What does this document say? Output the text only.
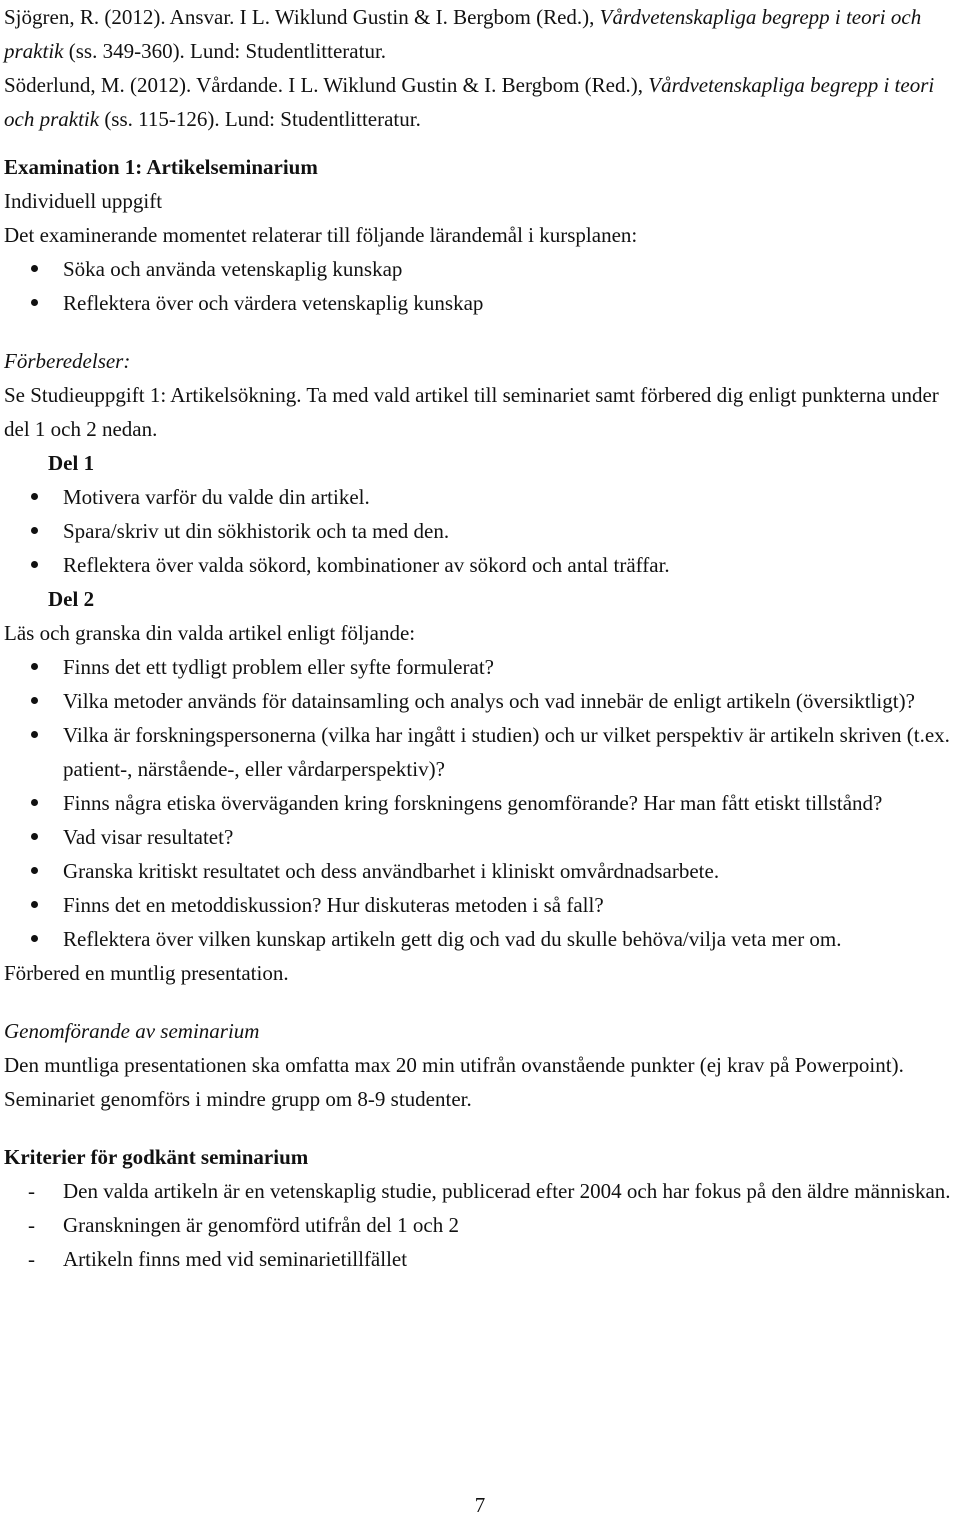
Sjögren, R. (2012). Ansvar. I L. Wiklund Gustin & I. Bergbom (Red.), Vårdvetenskapliga begrepp i teori och praktik (ss. 349-360). Lund: Studentlitteratur.

Söderlund, M. (2012). Vårdande. I L. Wiklund Gustin & I. Bergbom (Red.), Vårdvetenskapliga begrepp i teori och praktik (ss. 115-126). Lund: Studentlitteratur.

Examination 1: Artikelseminarium

Individuell uppgift

Det examinerande momentet relaterar till följande lärandemål i kursplanen:

Söka och använda vetenskaplig kunskap
Reflektera över och värdera vetenskaplig kunskap

Förberedelser:

Se Studieuppgift 1: Artikelsökning. Ta med vald artikel till seminariet samt förbered dig enligt punkterna under del 1 och 2 nedan.

Del 1

Motivera varför du valde din artikel.
Spara/skriv ut din sökhistorik och ta med den.
Reflektera över valda sökord, kombinationer av sökord och antal träffar.

Del 2

Läs och granska din valda artikel enligt följande:

Finns det ett tydligt problem eller syfte formulerat?
Vilka metoder används för datainsamling och analys och vad innebär de enligt artikeln (översiktligt)?
Vilka är forskningspersonerna (vilka har ingått i studien) och ur vilket perspektiv är artikeln skriven (t.ex. patient-, närstående-, eller vårdarperspektiv)?
Finns några etiska överväganden kring forskningens genomförande? Har man fått etiskt tillstånd?
Vad visar resultatet?
Granska kritiskt resultatet och dess användbarhet i kliniskt omvårdnadsarbete.
Finns det en metoddiskussion? Hur diskuteras metoden i så fall?
Reflektera över vilken kunskap artikeln gett dig och vad du skulle behöva/vilja veta mer om.

Förbered en muntlig presentation.

Genomförande av seminarium

Den muntliga presentationen ska omfatta max 20 min utifrån ovanstående punkter (ej krav på Powerpoint). Seminariet genomförs i mindre grupp om 8-9 studenter.

Kriterier för godkänt seminarium

- Den valda artikeln är en vetenskaplig studie, publicerad efter 2004 och har fokus på den äldre människan.
- Granskningen är genomförd utifrån del 1 och 2
- Artikeln finns med vid seminarietillfället
7
